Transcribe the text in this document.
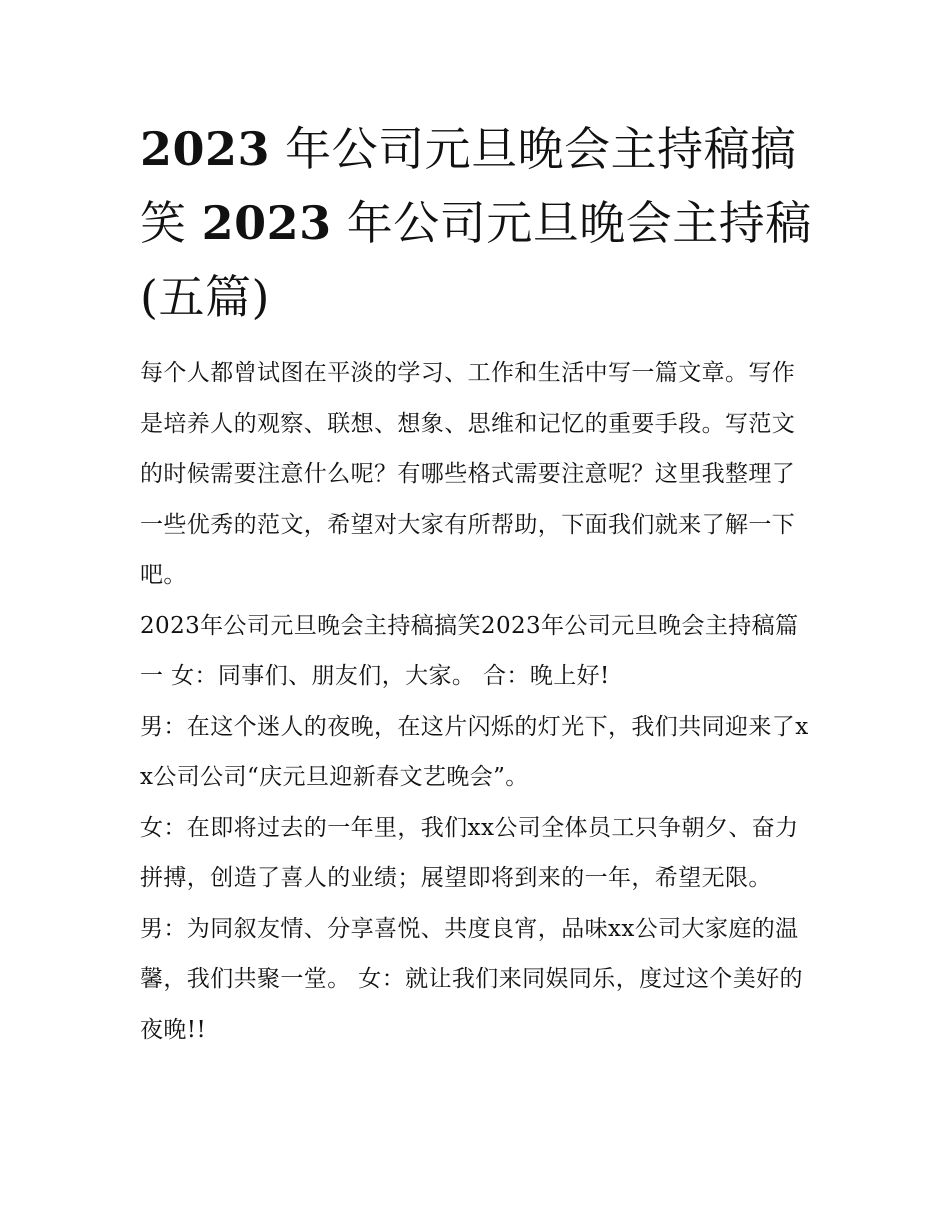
2023 年公司元旦晚会主持稿搞笑 2023 年公司元旦晚会主持稿(五篇)

每个人都曾试图在平淡的学习、工作和生活中写一篇文章。写作是培养人的观察、联想、想象、思维和记忆的重要手段。写范文的时候需要注意什么呢？有哪些格式需要注意呢？这里我整理了一些优秀的范文，希望对大家有所帮助，下面我们就来了解一下吧。

2023年公司元旦晚会主持稿搞笑2023年公司元旦晚会主持稿篇一 女：同事们、朋友们，大家。 合：晚上好!

男：在这个迷人的夜晚，在这片闪烁的灯光下，我们共同迎来了xx公司公司“庆元旦迎新春文艺晚会”。

女：在即将过去的一年里，我们xx公司全体员工只争朝夕、奋力拼搏，创造了喜人的业绩；展望即将到来的一年，希望无限。

男：为同叙友情、分享喜悦、共度良宵，品味xx公司大家庭的温馨，我们共聚一堂。 女：就让我们来同娱同乐，度过这个美好的夜晚!!
